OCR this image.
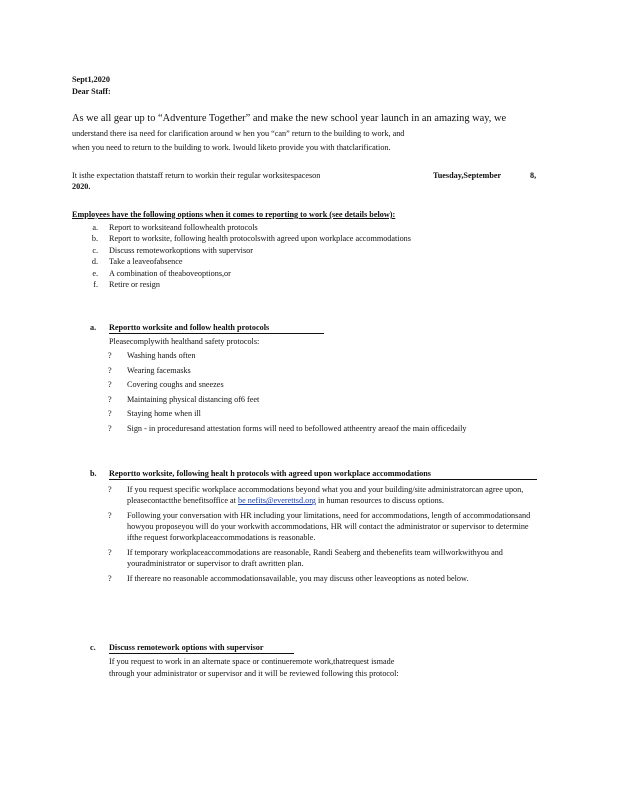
Sept1,2020
Dear Staff:
As we all gear up to “Adventure Together” and make the new school year launch in an amazing way, we
understand there isa need for clarification around w hen you “can” return to the building to work, and
when you need to return to the building to work. Iwould liketo provide you with thatclarification.
It isthe expectation thatstaff return to workin their regular worksitespaceson	Tuesday,September	8,
2020.
Employees have the following options when it comes to reporting to work (see details below):
a. Report to worksiteand followhealth protocols
b. Report to worksite, following health protocolswith agreed upon workplace accommodations
c. Discuss remoteworkoptions with supervisor
d. Take a leaveofabsence
e. A combination of theaboveoptions,or
f. Retire or resign
a. Reportto worksite and follow health protocols
Pleasecomplywith healthand safety protocols:
? Washing hands often
? Wearing facemasks
? Covering coughs and sneezes
? Maintaining physical distancing of6 feet
? Staying home when ill
? Sign - in proceduresand attestation forms will need to befollowed attheentry areaof the main officedaily
b. Reportto worksite, following healt h protocols with agreed upon workplace accommodations
? If you request specific workplace accommodations beyond what you and your building/site administratorcan agree upon, pleasecontactthe benefitsoffice at be nefits@everettsd.org in human resources to discuss options.
? Following your conversation with HR including your limitations, need for accommodations, length of accommodationsand howyou proposeyou will do your workwith accommodations, HR will contact the administrator or supervisor to determine ifthe request forworkplaceaccommodations is reasonable.
? If temporary workplaceaccommodations are reasonable, Randi Seaberg and thebenefits team willworkwithyou and youradministrator or supervisor to draft awritten plan.
? If thereare no reasonable accommodationsavailable, you may discuss other leaveoptions as noted below.
c. Discuss remotework options with supervisor
If you request to work in an alternate space or continueremote work,thatrequest ismade
through your administrator or supervisor and it will be reviewed following this protocol:
